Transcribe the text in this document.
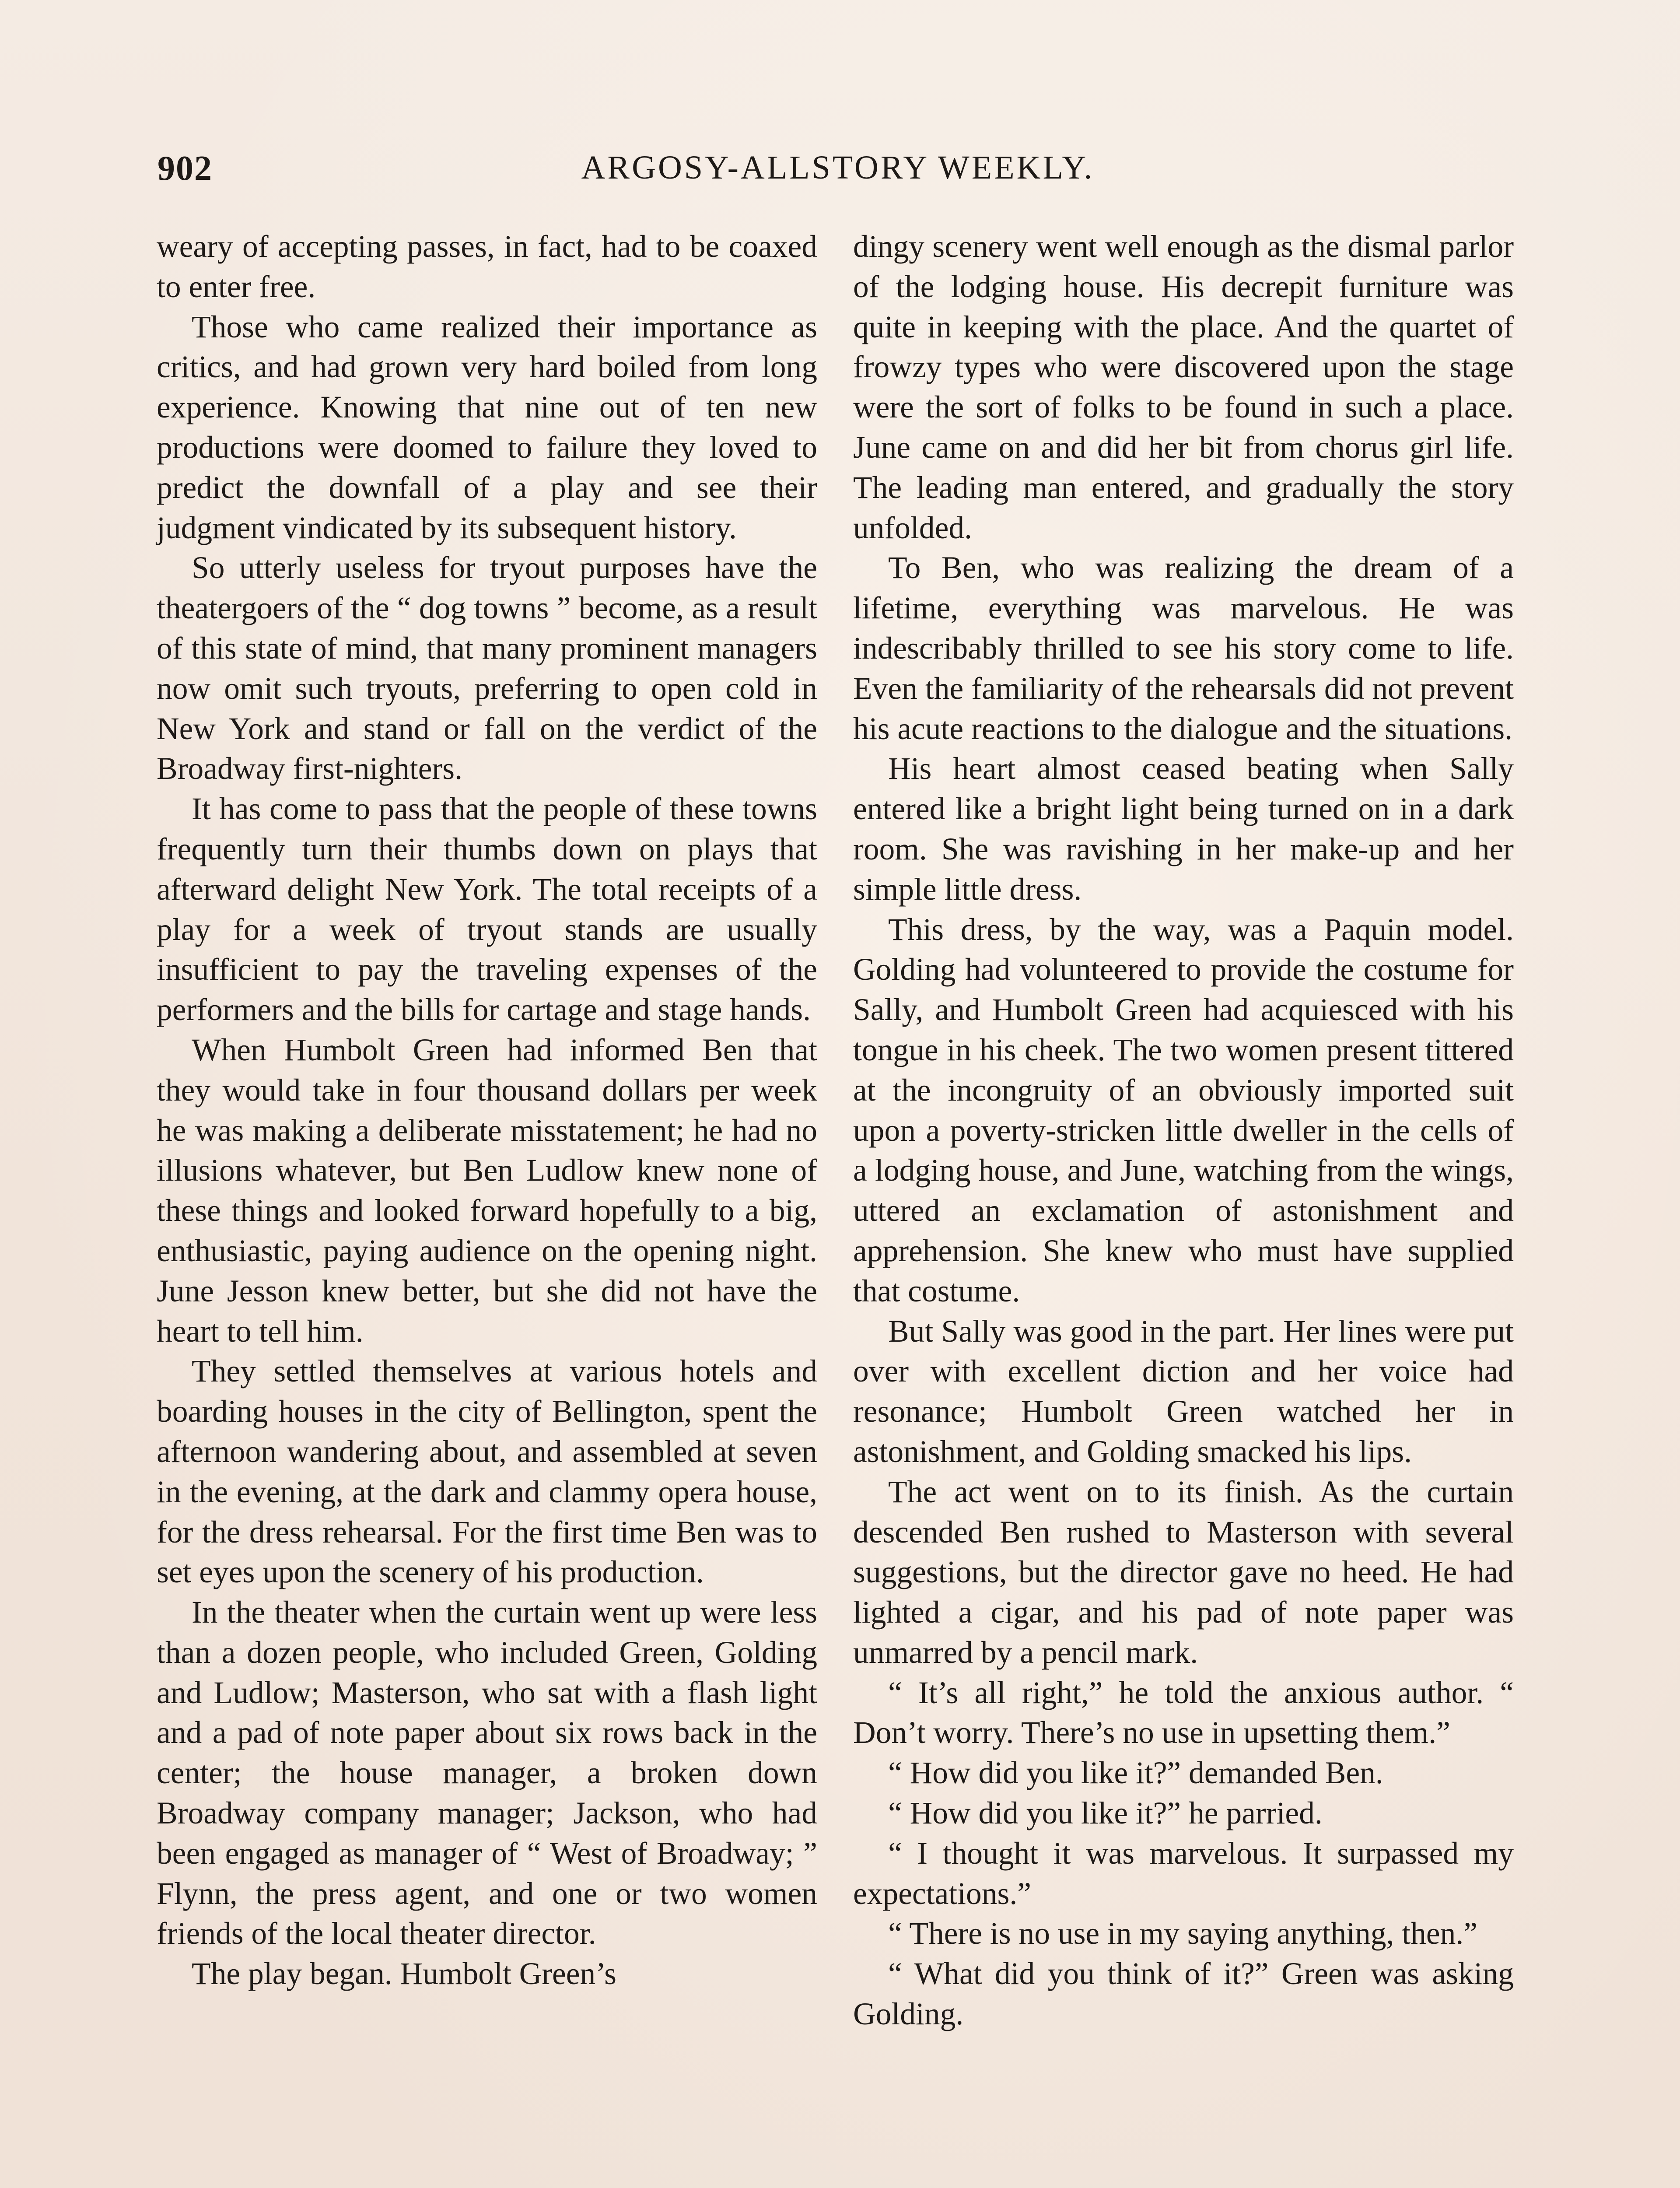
902	ARGOSY-ALLSTORY WEEKLY.

weary of accepting passes, in fact, had to be coaxed to enter free.

Those who came realized their importance as critics, and had grown very hard boiled from long experience. Knowing that nine out of ten new productions were doomed to failure they loved to predict the downfall of a play and see their judgment vindicated by its subsequent history.

So utterly useless for tryout purposes have the theatergoers of the “ dog towns ” become, as a result of this state of mind, that many prominent managers now omit such tryouts, preferring to open cold in New York and stand or fall on the verdict of the Broadway first-nighters.

It has come to pass that the people of these towns frequently turn their thumbs down on plays that afterward delight New York. The total receipts of a play for a week of tryout stands are usually insufficient to pay the traveling expenses of the performers and the bills for cartage and stage hands.

When Humbolt Green had informed Ben that they would take in four thousand dollars per week he was making a deliberate misstatement; he had no illusions whatever, but Ben Ludlow knew none of these things and looked forward hopefully to a big, enthusiastic, paying audience on the opening night. June Jesson knew better, but she did not have the heart to tell him.

They settled themselves at various hotels and boarding houses in the city of Bellington, spent the afternoon wandering about, and assembled at seven in the evening, at the dark and clammy opera house, for the dress rehearsal. For the first time Ben was to set eyes upon the scenery of his production.

In the theater when the curtain went up were less than a dozen people, who included Green, Golding and Ludlow; Masterson, who sat with a flash light and a pad of note paper about six rows back in the center; the house manager, a broken down Broadway company manager; Jackson, who had been engaged as manager of “ West of Broadway; ” Flynn, the press agent, and one or two women friends of the local theater director.

The play began. Humbolt Green’s

dingy scenery went well enough as the dismal parlor of the lodging house. His decrepit furniture was quite in keeping with the place. And the quartet of frowzy types who were discovered upon the stage were the sort of folks to be found in such a place. June came on and did her bit from chorus girl life. The leading man entered, and gradually the story unfolded.

To Ben, who was realizing the dream of a lifetime, everything was marvelous. He was indescribably thrilled to see his story come to life. Even the familiarity of the rehearsals did not prevent his acute reactions to the dialogue and the situations.

His heart almost ceased beating when Sally entered like a bright light being turned on in a dark room. She was ravishing in her make-up and her simple little dress.

This dress, by the way, was a Paquin model. Golding had volunteered to provide the costume for Sally, and Humbolt Green had acquiesced with his tongue in his cheek. The two women present tittered at the incongruity of an obviously imported suit upon a poverty-stricken little dweller in the cells of a lodging house, and June, watching from the wings, uttered an exclamation of astonishment and apprehension. She knew who must have supplied that costume.

But Sally was good in the part. Her lines were put over with excellent diction and her voice had resonance; Humbolt Green watched her in astonishment, and Golding smacked his lips.

The act went on to its finish. As the curtain descended Ben rushed to Masterson with several suggestions, but the director gave no heed. He had lighted a cigar, and his pad of note paper was unmarred by a pencil mark.

“ It’s all right,” he told the anxious author. “ Don’t worry. There’s no use in upsetting them.”

“ How did you like it?” demanded Ben.

“ How did you like it?” he parried.

“ I thought it was marvelous. It surpassed my expectations.”

“ There is no use in my saying anything, then.”

“ What did you think of it?” Green was asking Golding.
